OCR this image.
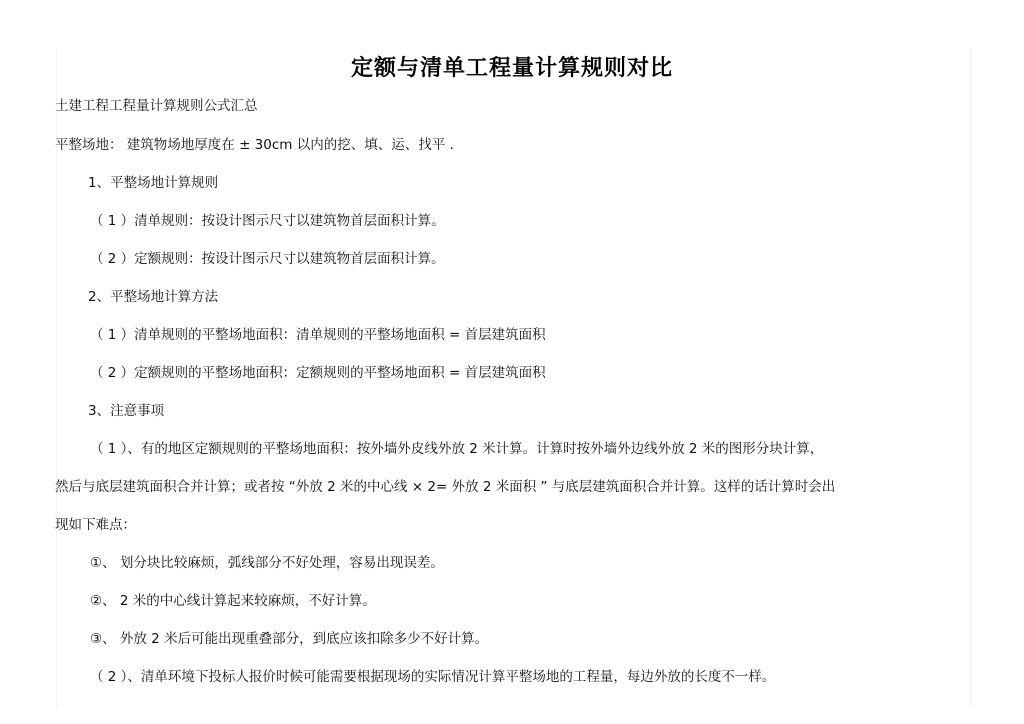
定额与清单工程量计算规则对比
土建工程工程量计算规则公式汇总
平整场地： 建筑物场地厚度在 ± 30cm 以内的挖、填、运、找平 .
1、平整场地计算规则
（ 1 ）清单规则：按设计图示尺寸以建筑物首层面积计算。
（ 2 ）定额规则：按设计图示尺寸以建筑物首层面积计算。
2、平整场地计算方法
（ 1 ）清单规则的平整场地面积：清单规则的平整场地面积 = 首层建筑面积
（ 2 ）定额规则的平整场地面积：定额规则的平整场地面积 = 首层建筑面积
3、注意事项
（ 1 ）、有的地区定额规则的平整场地面积：按外墙外皮线外放 2 米计算。计算时按外墙外边线外放 2 米的图形分块计算，
然后与底层建筑面积合并计算；或者按 “外放 2 米的中心线 × 2= 外放 2 米面积 ” 与底层建筑面积合并计算。这样的话计算时会出
现如下难点：
①、 划分块比较麻烦，弧线部分不好处理，容易出现误差。
②、 2 米的中心线计算起来较麻烦，不好计算。
③、 外放 2 米后可能出现重叠部分，到底应该扣除多少不好计算。
（ 2 ）、清单环境下投标人报价时候可能需要根据现场的实际情况计算平整场地的工程量，每边外放的长度不一样。
